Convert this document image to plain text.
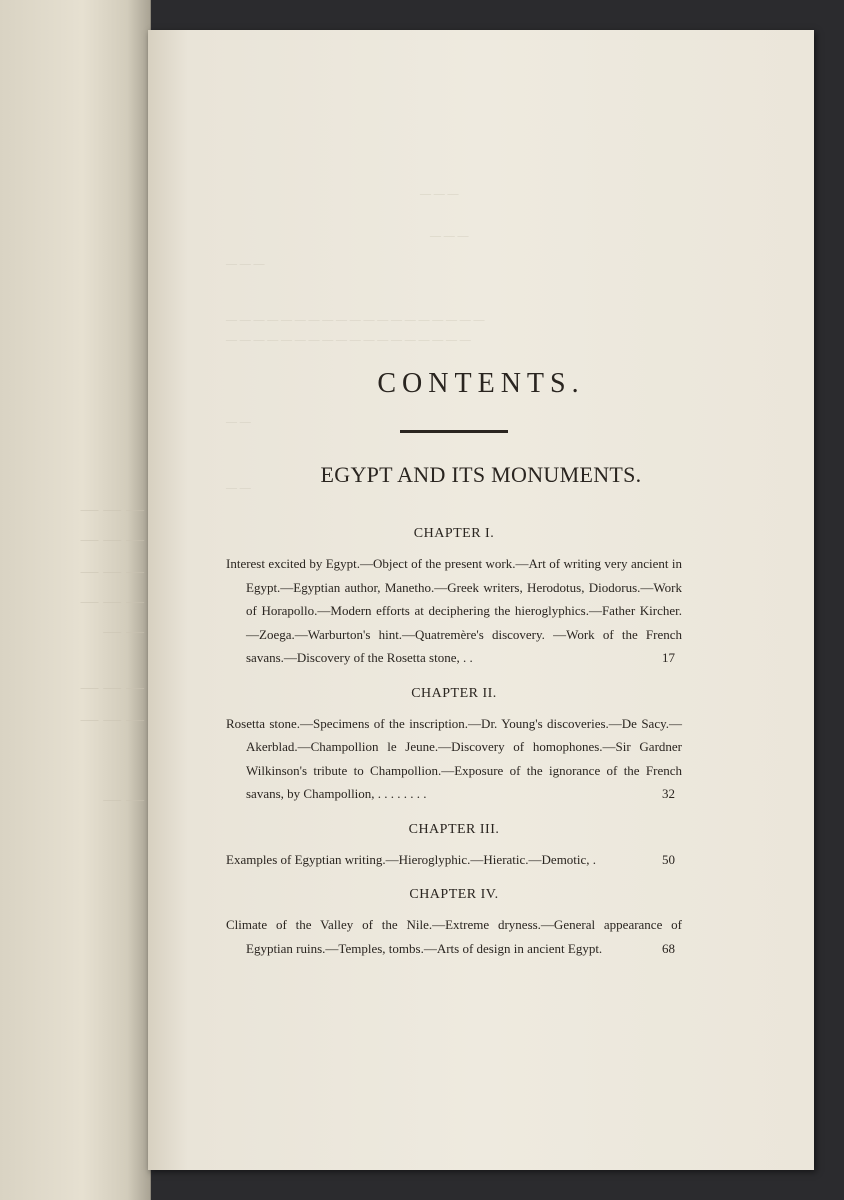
— — —
— — —
— — —
— — —
— —
— — —
— — —
— —
— — —
— — —
— — —
— — — — — — — — — — — — — — — — — — —
— — — — — — — — — — — — — — — — — —
— —
— —
CONTENTS.
EGYPT AND ITS MONUMENTS.
CHAPTER I.
Interest excited by Egypt.—Object of the present work.—Art of writing very ancient in Egypt.—Egyptian author, Manetho.—Greek writers, Herodotus, Diodorus.—Work of Horapollo.—Modern efforts at deciphering the hieroglyphics.—Father Kircher.—Zoega.—Warburton's hint.—Quatremère's discovery. —Work of the French savans.—Discovery of the Rosetta stone, . .	17
CHAPTER II.
Rosetta stone.—Specimens of the inscription.—Dr. Young's discoveries.—De Sacy.—Akerblad.—Champollion le Jeune.—Discovery of homophones.—Sir Gardner Wilkinson's tribute to Champollion.—Exposure of the ignorance of the French savans, by Champollion, . . . . . . . .	32
CHAPTER III.
Examples of Egyptian writing.—Hieroglyphic.—Hieratic.—Demotic, .	50
CHAPTER IV.
Climate of the Valley of the Nile.—Extreme dryness.—General appearance of Egyptian ruins.—Temples, tombs.—Arts of design in ancient Egypt.	68
